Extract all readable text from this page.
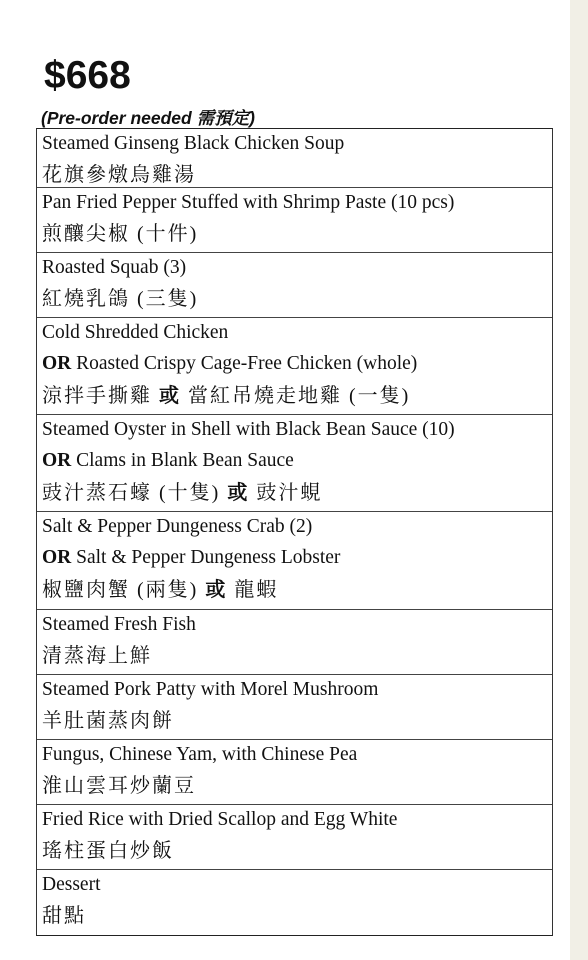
$668
(Pre-order needed 需預定)
Steamed Ginseng Black Chicken Soup
花旗參燉烏雞湯
Pan Fried Pepper Stuffed with Shrimp Paste (10 pcs)
煎釀尖椒 (十件)
Roasted Squab (3)
紅燒乳鴿 (三隻)
Cold Shredded Chicken
OR Roasted Crispy Cage-Free Chicken (whole)
涼拌手撕雞 或 當紅吊燒走地雞 (一隻)
Steamed Oyster in Shell with Black Bean Sauce (10)
OR Clams in Blank Bean Sauce
豉汁蒸石蠔 (十隻) 或 豉汁蜆
Salt & Pepper Dungeness Crab (2)
OR Salt & Pepper Dungeness Lobster
椒鹽肉蟹 (兩隻) 或 龍蝦
Steamed Fresh Fish
清蒸海上鮮
Steamed Pork Patty with Morel Mushroom
羊肚菌蒸肉餅
Fungus, Chinese Yam, with Chinese Pea
淮山雲耳炒蘭豆
Fried Rice with Dried Scallop and Egg White
瑤柱蛋白炒飯
Dessert
甜點
